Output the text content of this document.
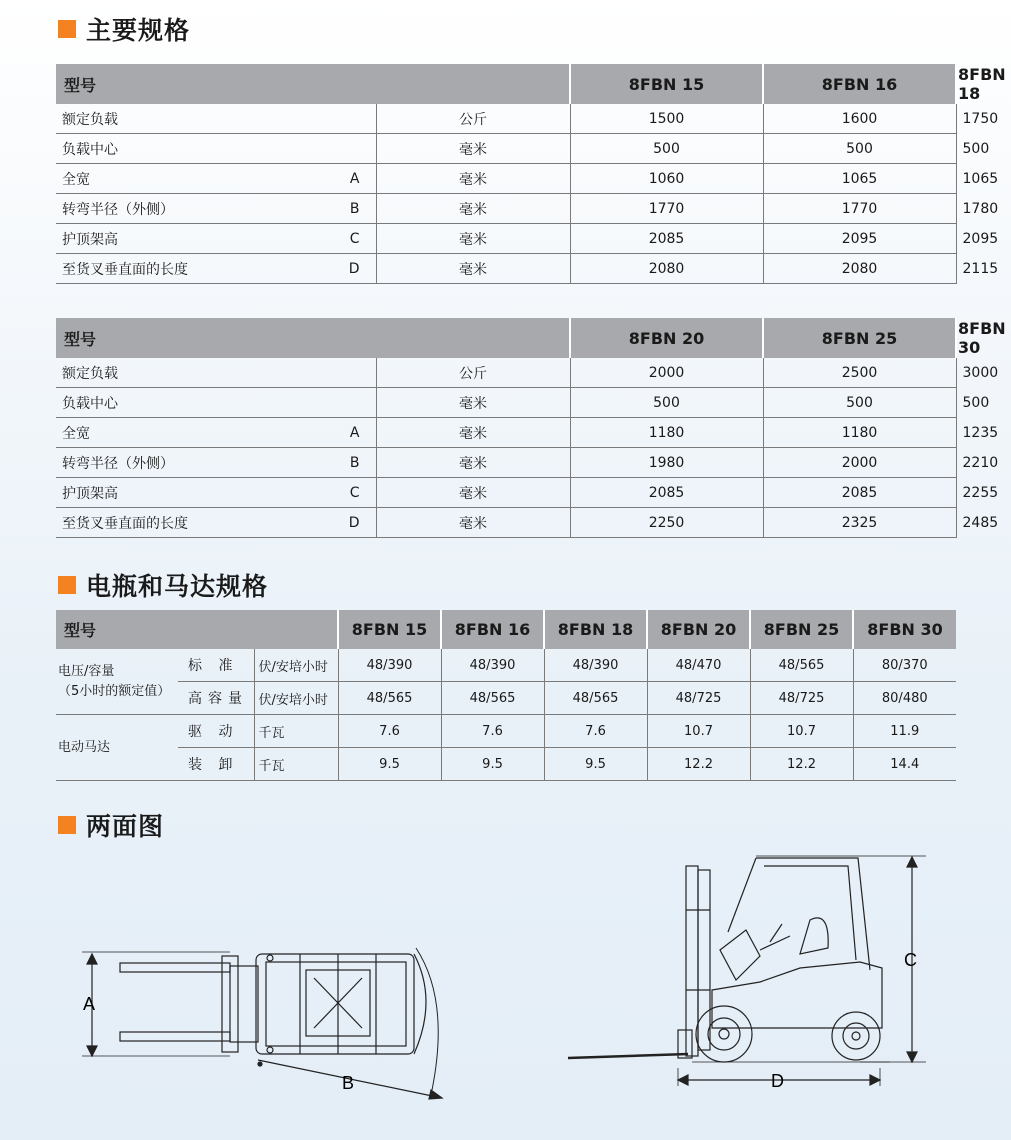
主要规格
型号			8FBN 15	8FBN 16	8FBN 18
额定负载		公斤	1500	1600	1750
负载中心		毫米	500	500	500
全宽	A	毫米	1060	1065	1065
转弯半径（外侧）	B	毫米	1770	1770	1780
护顶架高	C	毫米	2085	2095	2095
至货叉垂直面的长度	D	毫米	2080	2080	2115
型号			8FBN 20	8FBN 25	8FBN 30
额定负载		公斤	2000	2500	3000
负载中心		毫米	500	500	500
全宽	A	毫米	1180	1180	1235
转弯半径（外侧）	B	毫米	1980	2000	2210
护顶架高	C	毫米	2085	2085	2255
至货叉垂直面的长度	D	毫米	2250	2325	2485
电瓶和马达规格
型号			8FBN 15	8FBN 16	8FBN 18	8FBN 20	8FBN 25	8FBN 30

电压/容量
（5小时的额定值）	标 准	伏/安培小时	48/390	48/390	48/390	48/470	48/565	80/370
	高容量	伏/安培小时	48/565	48/565	48/565	48/725	48/725	80/480

电动马达	驱 动	千瓦	7.6	7.6	7.6	10.7	10.7	11.9
	装 卸	千瓦	9.5	9.5	9.5	12.2	12.2	14.4
两面图
A
B
C
D
